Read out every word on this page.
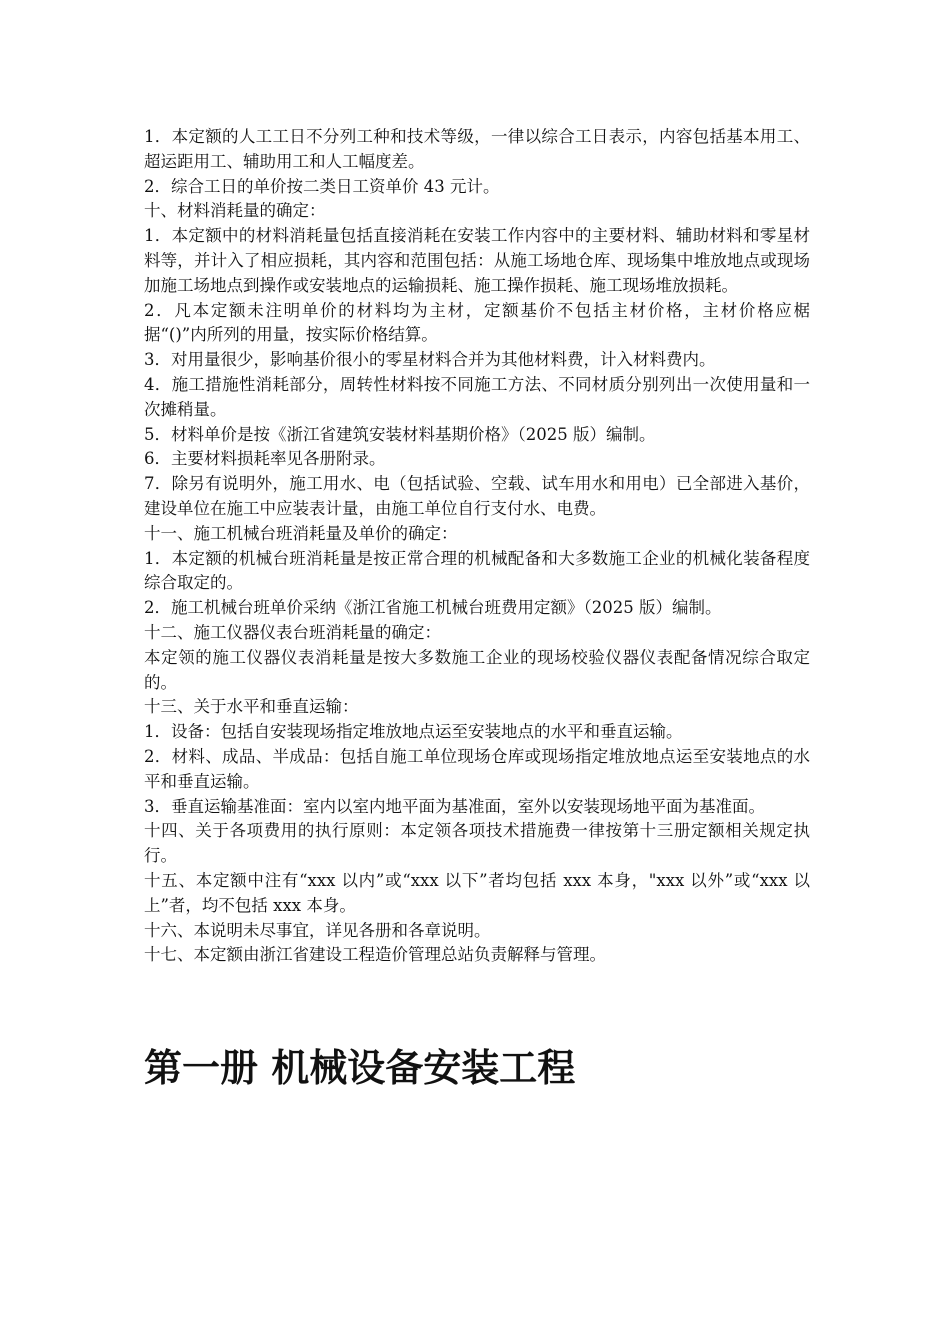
1．本定额的人工工日不分列工种和技术等级，一律以综合工日表示，内容包括基本用工、超运距用工、辅助用工和人工幅度差。

2．综合工日的单价按二类日工资单价 43 元计。

十、材料消耗量的确定：

1．本定额中的材料消耗量包括直接消耗在安装工作内容中的主要材料、辅助材料和零星材料等，并计入了相应损耗，其内容和范围包括：从施工场地仓库、现场集中堆放地点或现场加施工场地点到操作或安装地点的运输损耗、施工操作损耗、施工现场堆放损耗。

2．凡本定额未注明单价的材料均为主材，定额基价不包括主材价格，主材价格应椐据“()”内所列的用量，按实际价格结算。

3．对用量很少，影响基价很小的零星材料合并为其他材料费，计入材料费内。

4．施工措施性消耗部分，周转性材料按不同施工方法、不同材质分别列出一次使用量和一次摊稍量。

5．材料单价是按《浙江省建筑安装材料基期价格》（2025 版）编制。

6．主要材料损耗率见各册附录。

7．除另有说明外，施工用水、电（包括试验、空载、试车用水和用电）已全部进入基价，建设单位在施工中应装表计量，由施工单位自行支付水、电费。

十一、施工机械台班消耗量及单价的确定：

1．本定额的机械台班消耗量是按正常合理的机械配备和大多数施工企业的机械化装备程度综合取定的。

2．施工机械台班单价采纳《浙江省施工机械台班费用定额》（2025 版）编制。

十二、施工仪器仪表台班消耗量的确定：

本定领的施工仪器仪表消耗量是按大多数施工企业的现场校验仪器仪表配备情况综合取定的。

十三、关于水平和垂直运输：

1．设备：包括自安装现场指定堆放地点运至安装地点的水平和垂直运输。

2．材料、成品、半成品：包括自施工单位现场仓库或现场指定堆放地点运至安装地点的水平和垂直运输。

3．垂直运输基准面：室内以室内地平面为基准面，室外以安装现场地平面为基准面。

十四、关于各项费用的执行原则：本定领各项技术措施费一律按第十三册定额相关规定执行。

十五、本定额中注有“xxx 以内”或“xxx 以下”者均包括 xxx 本身，"xxx 以外”或“xxx 以上”者，均不包括 xxx 本身。

十六、本说明未尽事宜，详见各册和各章说明。

十七、本定额由浙江省建设工程造价管理总站负责解释与管理。

第一册 机械设备安装工程
